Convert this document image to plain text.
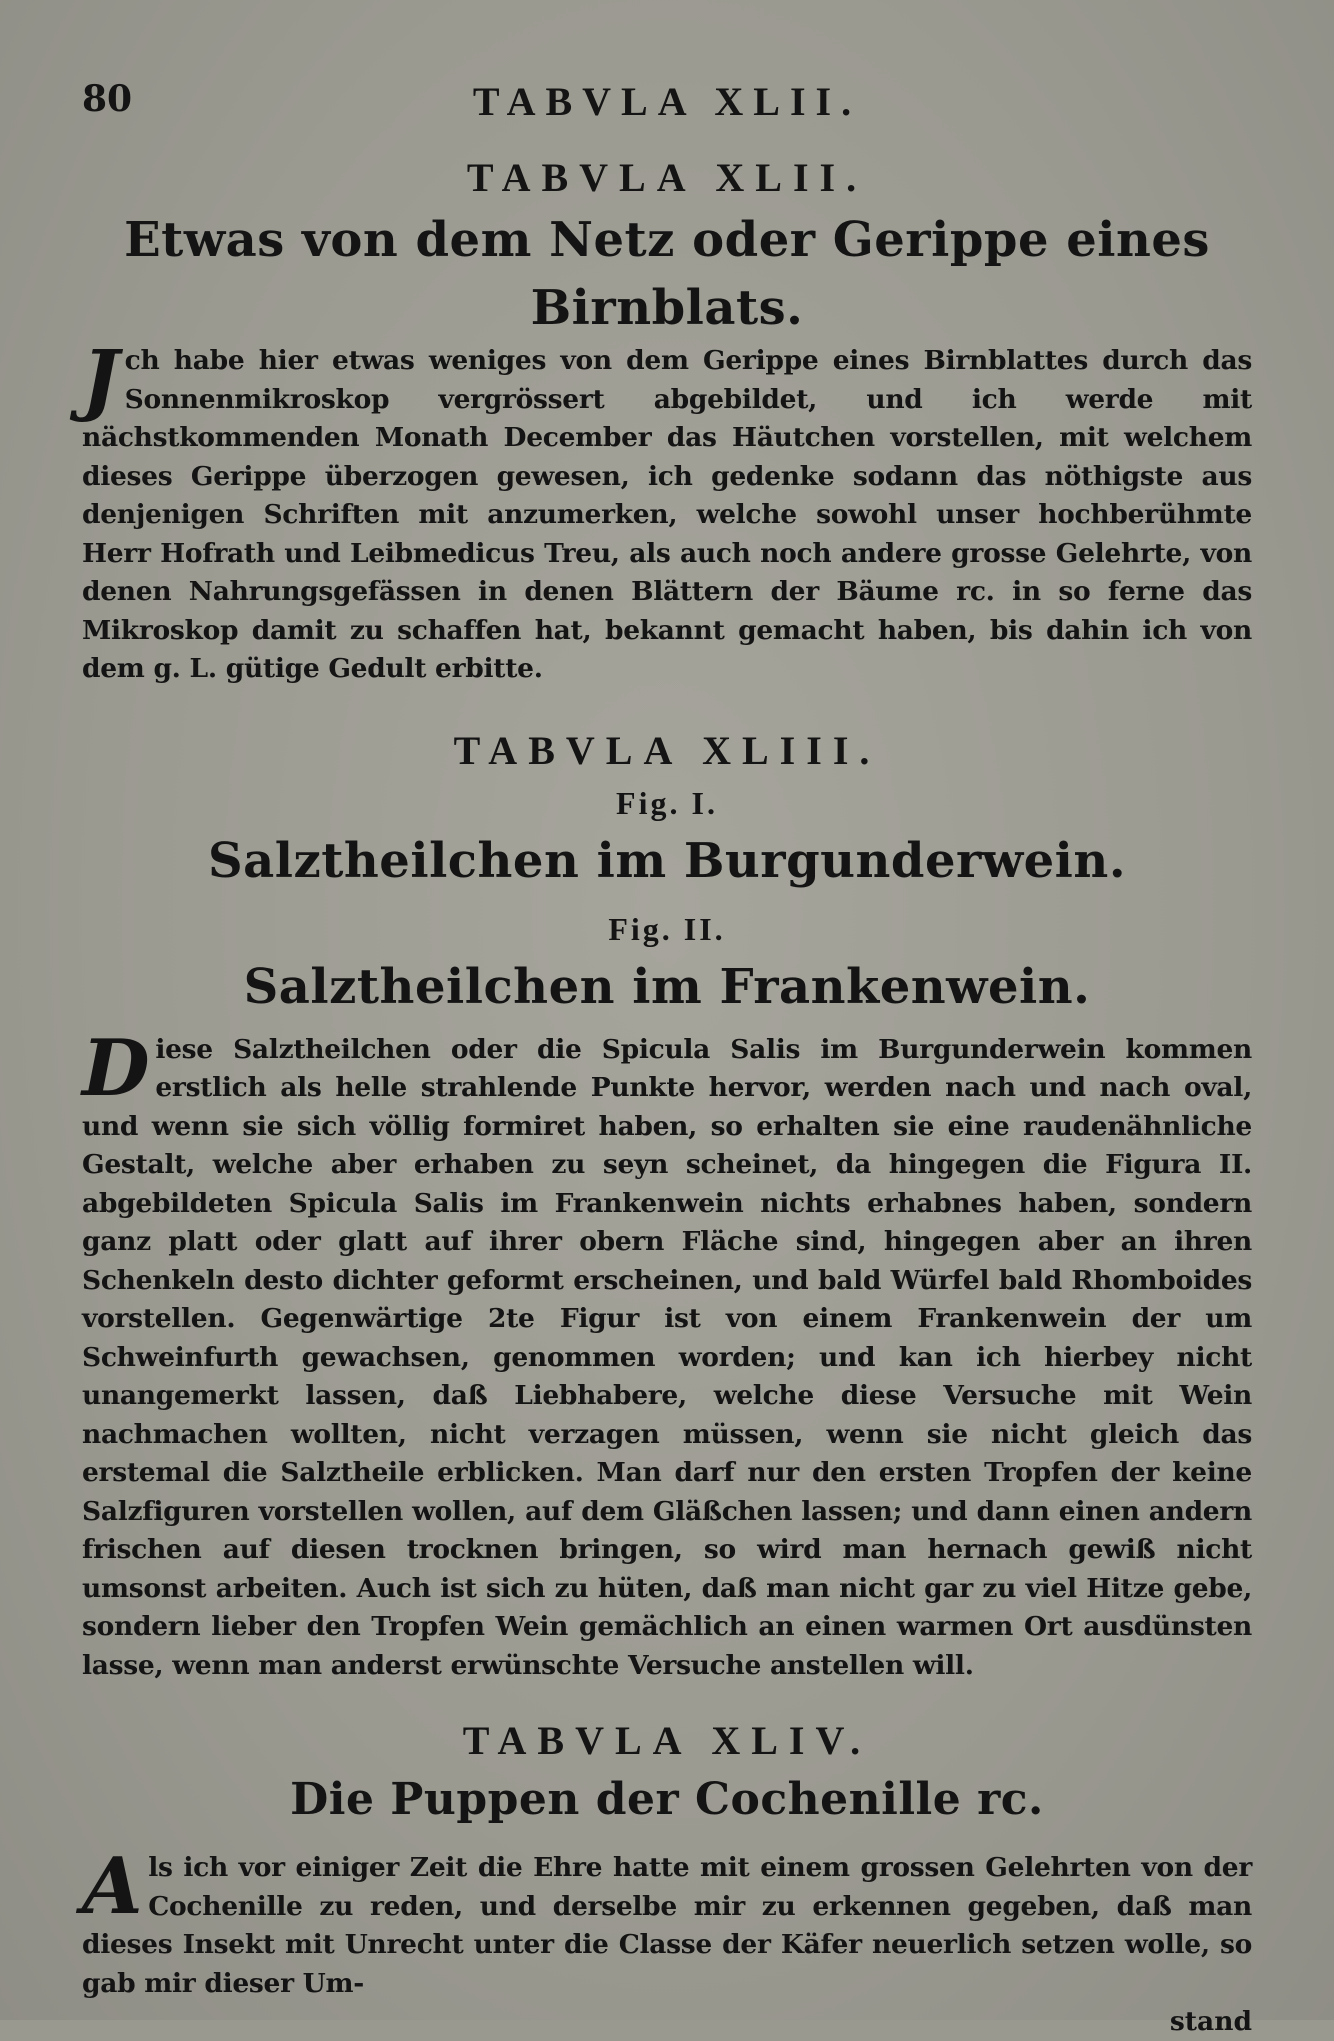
80	TABVLA XLII.

TABVLA XLII.

Etwas von dem Netz oder Gerippe eines Birnblats.

Jch habe hier etwas weniges von dem Gerippe eines Birnblattes durch das Sonnenmikroskop vergrössert abgebildet, und ich werde mit nächstkommenden Monath December das Häutchen vorstellen, mit welchem dieses Gerippe überzogen gewesen, ich gedenke sodann das nöthigste aus denjenigen Schriften mit anzumerken, welche sowohl unser hochberühmte Herr Hofrath und Leibmedicus Treu, als auch noch andere grosse Gelehrte, von denen Nahrungsgefässen in denen Blättern der Bäume rc. in so ferne das Mikroskop damit zu schaffen hat, bekannt gemacht haben, bis dahin ich von dem g. L. gütige Gedult erbitte.

TABVLA XLIII.

Fig. I.

Salztheilchen im Burgunderwein.

Fig. II.

Salztheilchen im Frankenwein.

Diese Salztheilchen oder die Spicula Salis im Burgunderwein kommen erstlich als helle strahlende Punkte hervor, werden nach und nach oval, und wenn sie sich völlig formiret haben, so erhalten sie eine raudenähnliche Gestalt, welche aber erhaben zu seyn scheinet, da hingegen die Figura II. abgebildeten Spicula Salis im Frankenwein nichts erhabnes haben, sondern ganz platt oder glatt auf ihrer obern Fläche sind, hingegen aber an ihren Schenkeln desto dichter geformt erscheinen, und bald Würfel bald Rhomboides vorstellen. Gegenwärtige 2te Figur ist von einem Frankenwein der um Schweinfurth gewachsen, genommen worden; und kan ich hierbey nicht unangemerkt lassen, daß Liebhabere, welche diese Versuche mit Wein nachmachen wollten, nicht verzagen müssen, wenn sie nicht gleich das erstemal die Salztheile erblicken. Man darf nur den ersten Tropfen der keine Salzfiguren vorstellen wollen, auf dem Gläßchen lassen; und dann einen andern frischen auf diesen trocknen bringen, so wird man hernach gewiß nicht umsonst arbeiten. Auch ist sich zu hüten, daß man nicht gar zu viel Hitze gebe, sondern lieber den Tropfen Wein gemächlich an einen warmen Ort ausdünsten lasse, wenn man anderst erwünschte Versuche anstellen will.

TABVLA XLIV.

Die Puppen der Cochenille rc.

Als ich vor einiger Zeit die Ehre hatte mit einem grossen Gelehrten von der Cochenille zu reden, und derselbe mir zu erkennen gegeben, daß man dieses Insekt mit Unrecht unter die Classe der Käfer neuerlich setzen wolle, so gab mir dieser Um-

stand
